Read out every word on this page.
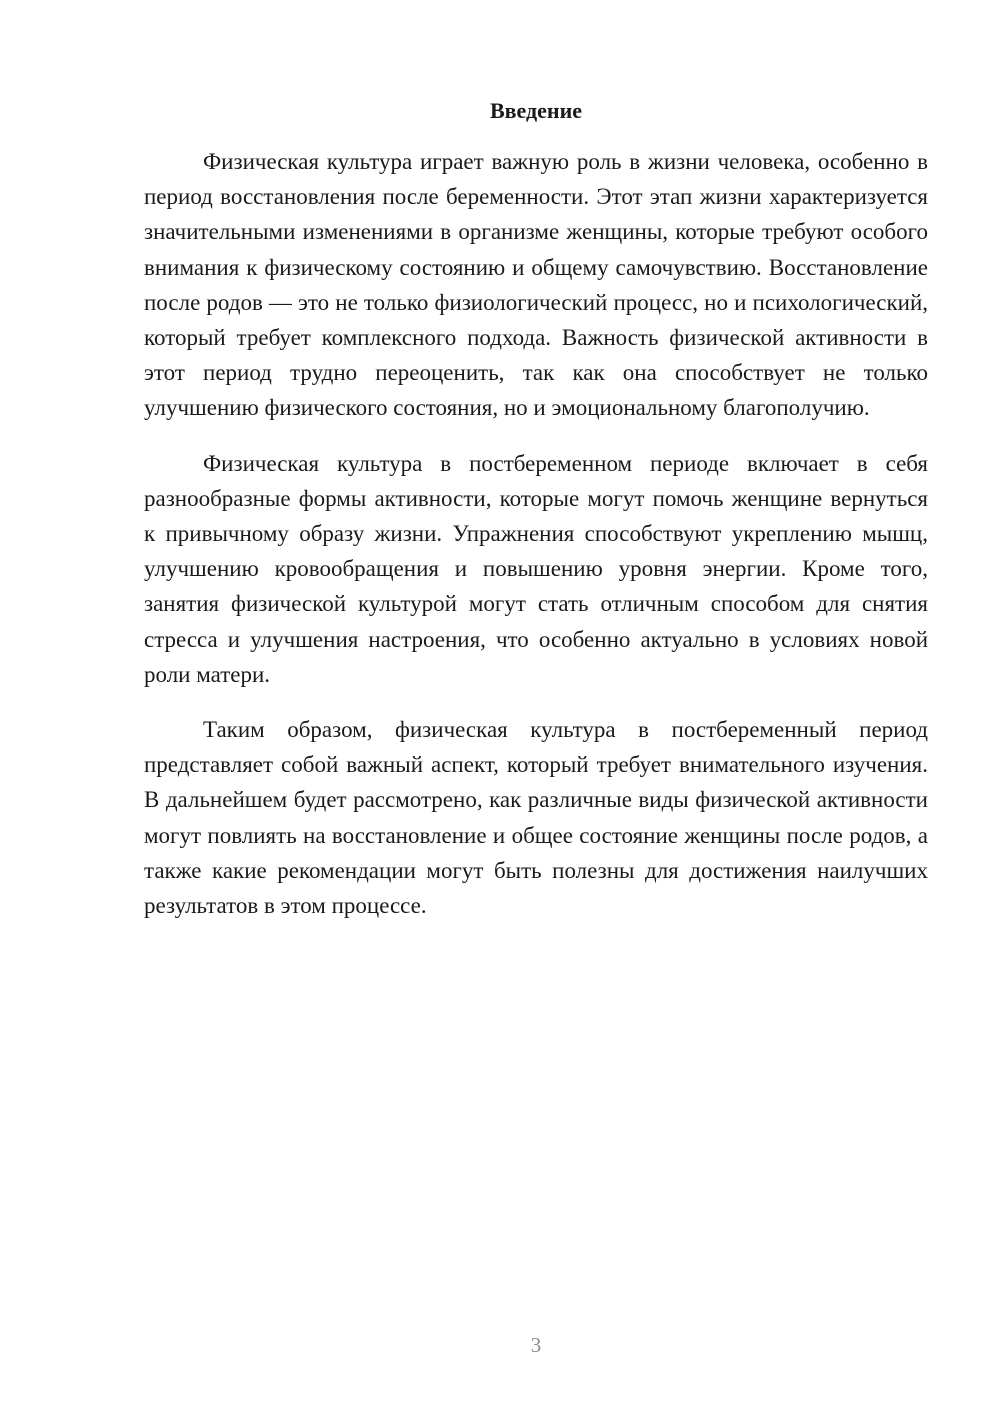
Введение

Физическая культура играет важную роль в жизни человека, особенно в период восстановления после беременности. Этот этап жизни характеризуется значительными изменениями в организме женщины, которые требуют особого внимания к физическому состоянию и общему самочувствию. Восстановление после родов — это не только физиологический процесс, но и психологический, который требует комплексного подхода. Важность физической активности в этот период трудно переоценить, так как она способствует не только улучшению физического состояния, но и эмоциональному благополучию.

Физическая культура в постбеременном периоде включает в себя разнообразные формы активности, которые могут помочь женщине вернуться к привычному образу жизни. Упражнения способствуют укреплению мышц, улучшению кровообращения и повышению уровня энергии. Кроме того, занятия физической культурой могут стать отличным способом для снятия стресса и улучшения настроения, что особенно актуально в условиях новой роли матери.

Таким образом, физическая культура в постбеременный период представляет собой важный аспект, который требует внимательного изучения. В дальнейшем будет рассмотрено, как различные виды физической активности могут повлиять на восстановление и общее состояние женщины после родов, а также какие рекомендации могут быть полезны для достижения наилучших результатов в этом процессе.

3
